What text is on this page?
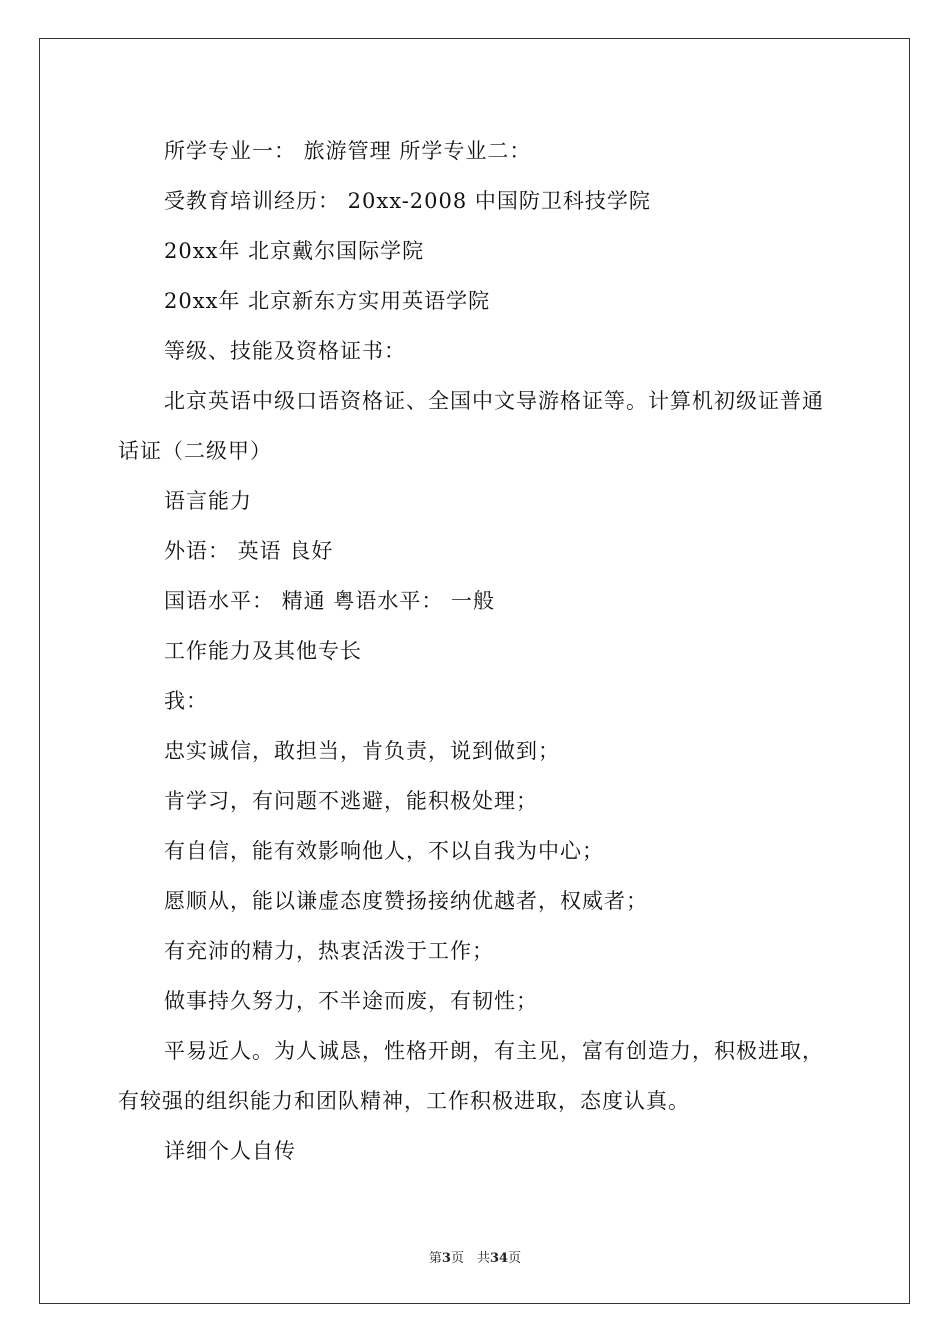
所学专业一： 旅游管理 所学专业二：

受教育培训经历： 20xx-2008 中国防卫科技学院

20xx年 北京戴尔国际学院

20xx年 北京新东方实用英语学院

等级、技能及资格证书：

北京英语中级口语资格证、全国中文导游格证等。计算机初级证普通话证（二级甲）

语言能力

外语： 英语 良好

国语水平： 精通 粤语水平： 一般

工作能力及其他专长

我：

忠实诚信，敢担当，肯负责，说到做到；

肯学习，有问题不逃避，能积极处理；

有自信，能有效影响他人，不以自我为中心；

愿顺从，能以谦虚态度赞扬接纳优越者，权威者；

有充沛的精力，热衷活泼于工作；

做事持久努力，不半途而废，有韧性；

平易近人。为人诚恳，性格开朗，有主见，富有创造力，积极进取，有较强的组织能力和团队精神，工作积极进取，态度认真。

详细个人自传

第3页　共34页
